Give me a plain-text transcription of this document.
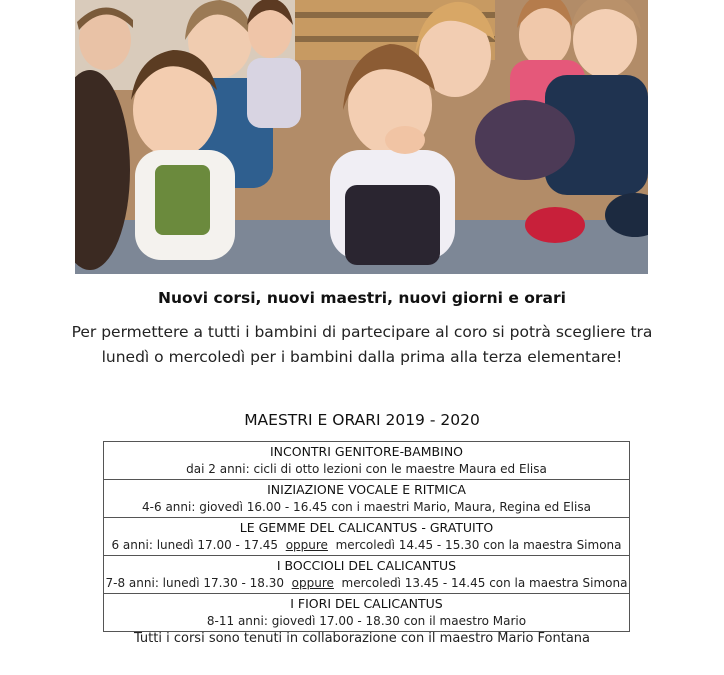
Nuovi corsi, nuovi maestri, nuovi giorni e orari
Per permettere a tutti i bambini di partecipare al coro si potrà scegliere tra lunedì o mercoledì per i bambini dalla prima alla terza elementare!
MAESTRI E ORARI 2019 - 2020
INCONTRI GENITORE-BAMBINO
dai 2 anni: cicli di otto lezioni con le maestre Maura ed Elisa

INIZIAZIONE VOCALE E RITMICA
4-6 anni: giovedì 16.00 - 16.45 con i maestri Mario, Maura, Regina ed Elisa

LE GEMME DEL CALICANTUS - GRATUITO
6 anni: lunedì 17.00 - 17.45 oppure mercoledì 14.45 - 15.30 con la maestra Simona

I BOCCIOLI DEL CALICANTUS
7-8 anni: lunedì 17.30 - 18.30 oppure mercoledì 13.45 - 14.45 con la maestra Simona

I FIORI DEL CALICANTUS
8-11 anni: giovedì 17.00 - 18.30 con il maestro Mario
Tutti i corsi sono tenuti in collaborazione con il maestro Mario Fontana
